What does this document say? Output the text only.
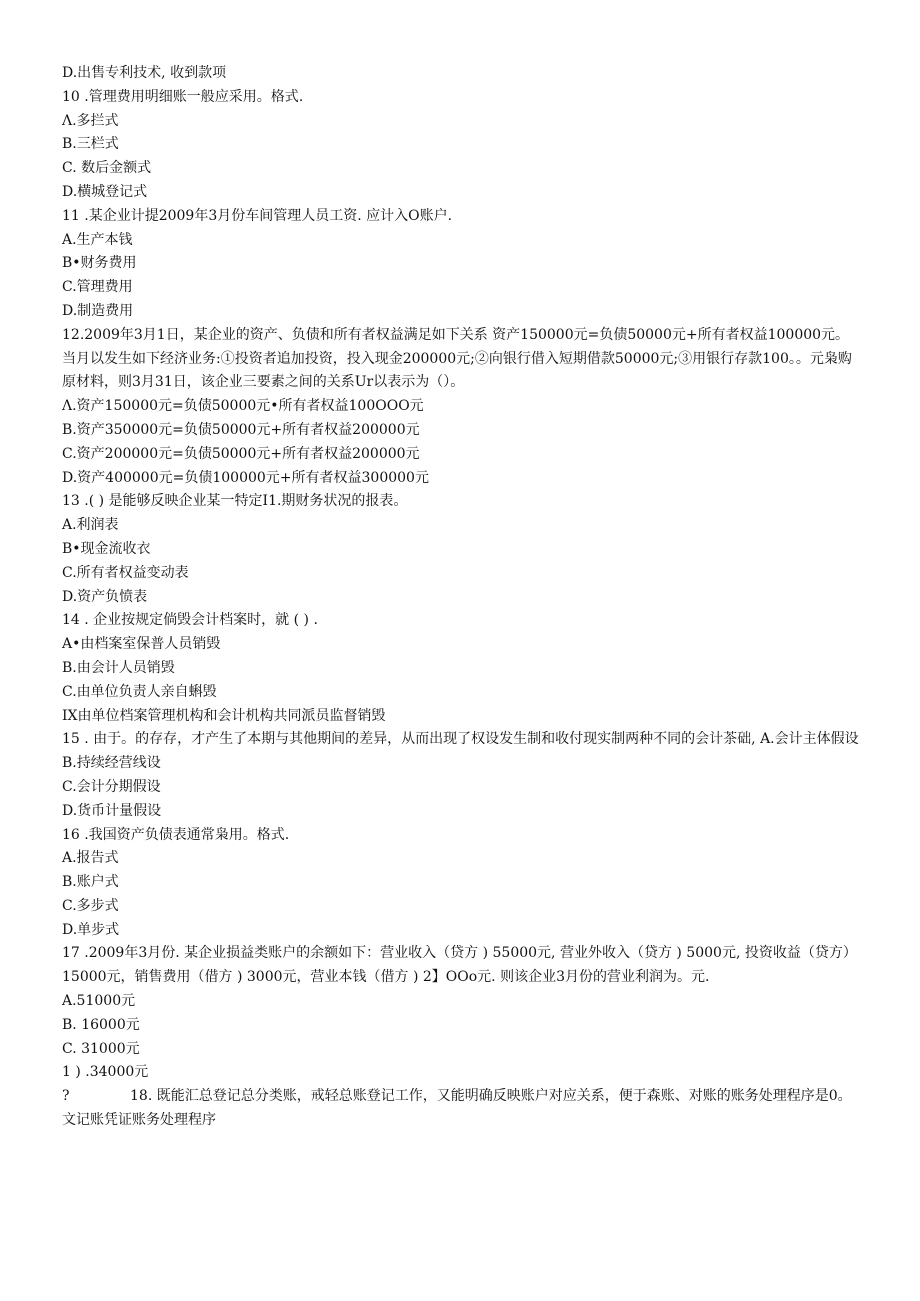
D.出售专利技术, 收到款项
10 .管理费用明细账一般应采用。格式.
Λ.多拦式
B.三栏式
C. 数后金额式
D.横城登记式
11 .某企业计提2009年3月份车间管理人员工资. 应计入O账户.
A.生产本钱
B•财务费用
C.管理费用
D.制造费用
12.2009年3月1日，某企业的资产、负债和所有者权益满足如下关系 资产150000元=负债50000元+所有者权益100000元。当月以发生如下经济业务:①投资者追加投资，投入现金200000元;②向银行借入短期借款50000元;③用银行存款100。。元枭购原材料，则3月31日，该企业三要素之间的关系Ur以表示为（）。
Λ.资产150000元=负债50000元•所有者权益100OOO元
B.资产350000元=负债50000元+所有者权益200000元
C.资产200000元=负债50000元+所有者权益200000元
D.资产400000元=负债100000元+所有者权益300000元
13 .( ) 是能够反映企业某一特定I1.期财务状况的报表。
A.利润表
B•现金流收衣
C.所有者权益变动表
D.资产负愤表
14 . 企业按规定倘毁会计档案时，就 ( ) .
A•由档案室保普人员销毁
B.由会计人员销毁
C.由单位负责人亲自蝌毁
IX由单位档案管理机构和会计机构共同派员监督销毁
15 . 由于。的存存，才产生了本期与其他期间的差异，从而出现了权设发生制和收付现实制两种不同的会计茶础, A.会计主体假设
B.持续经营线设
C.会计分期假设
D.货币计量假设
16 .我国资产负债表通常枭用。格式.
A.报告式
B.账户式
C.多步式
D.单步式
17 .2009年3月份. 某企业损益类账户的余额如下：营业收入（贷方 ) 55000元, 营业外收入（贷方 ) 5000元, 投资收益（贷方）15000元，销售费用（借方 ) 3000元，营业本钱（借方 ) 2】OOo元. 则该企业3月份的营业利润为。元.
A.51000元
B. 16000元
C. 31000元
1 ) .34000元
?	18. 既能汇总登记总分类账，戒轻总账登记工作，又能明确反映账户对应关系，便于森账、对账的账务处理程序是0。
文记账凭证账务处理程序
